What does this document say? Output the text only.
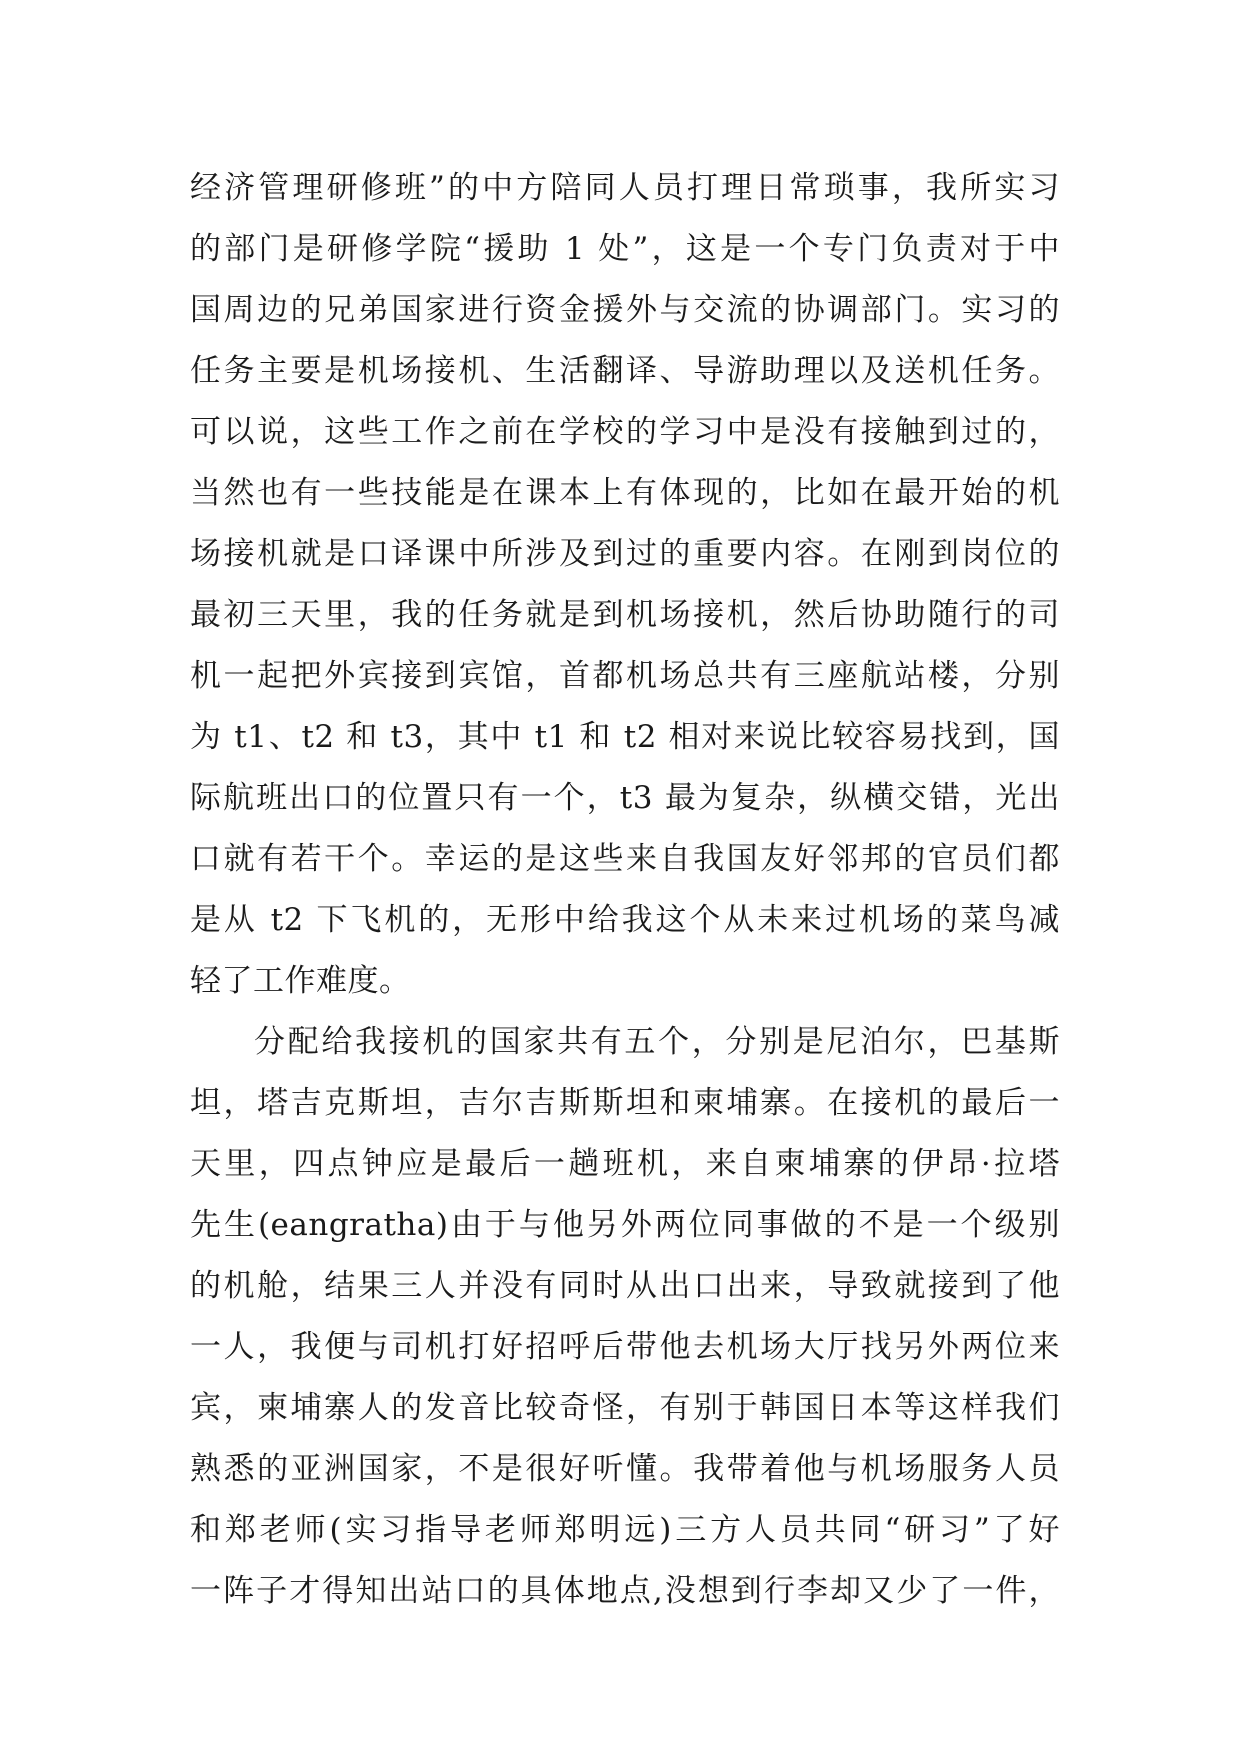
经济管理研修班”的中方陪同人员打理日常琐事，我所实习
的部门是研修学院“援助 1 处”，这是一个专门负责对于中
国周边的兄弟国家进行资金援外与交流的协调部门。实习的
任务主要是机场接机、生活翻译、导游助理以及送机任务。
可以说，这些工作之前在学校的学习中是没有接触到过的，
当然也有一些技能是在课本上有体现的，比如在最开始的机
场接机就是口译课中所涉及到过的重要内容。在刚到岗位的
最初三天里，我的任务就是到机场接机，然后协助随行的司
机一起把外宾接到宾馆，首都机场总共有三座航站楼，分别
为 t1、t2 和 t3，其中 t1 和 t2 相对来说比较容易找到，国
际航班出口的位置只有一个，t3 最为复杂，纵横交错，光出
口就有若干个。幸运的是这些来自我国友好邻邦的官员们都
是从 t2 下飞机的，无形中给我这个从未来过机场的菜鸟减
轻了工作难度。
分配给我接机的国家共有五个，分别是尼泊尔，巴基斯
坦，塔吉克斯坦，吉尔吉斯斯坦和柬埔寨。在接机的最后一
天里，四点钟应是最后一趟班机，来自柬埔寨的伊昂·拉塔
先生(eangratha)由于与他另外两位同事做的不是一个级别
的机舱，结果三人并没有同时从出口出来，导致就接到了他
一人，我便与司机打好招呼后带他去机场大厅找另外两位来
宾，柬埔寨人的发音比较奇怪，有别于韩国日本等这样我们
熟悉的亚洲国家，不是很好听懂。我带着他与机场服务人员
和郑老师(实习指导老师郑明远)三方人员共同“研习”了好
一阵子才得知出站口的具体地点,没想到行李却又少了一件，
